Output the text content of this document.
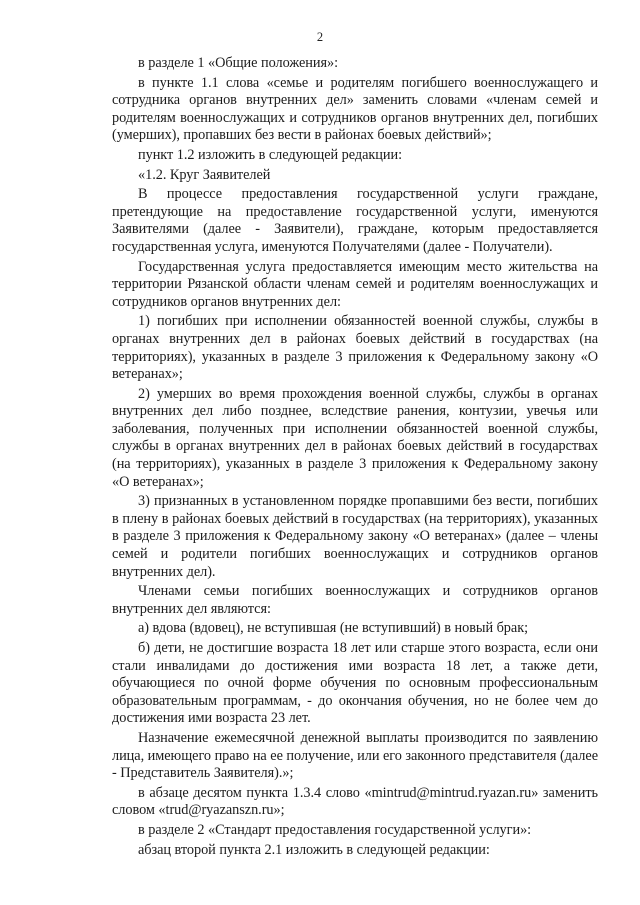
2

в разделе 1 «Общие положения»:

в пункте 1.1 слова «семье и родителям погибшего военнослужащего и сотрудника органов внутренних дел» заменить словами «членам семей и родителям военнослужащих и сотрудников органов внутренних дел, погибших (умерших), пропавших без вести в районах боевых действий»;

пункт 1.2 изложить в следующей редакции:

«1.2. Круг Заявителей

В процессе предоставления государственной услуги граждане, претендующие на предоставление государственной услуги, именуются Заявителями (далее - Заявители), граждане, которым предоставляется государственная услуга, именуются Получателями (далее - Получатели).

Государственная услуга предоставляется имеющим место жительства на территории Рязанской области членам семей и родителям военнослужащих и сотрудников органов внутренних дел:

1) погибших при исполнении обязанностей военной службы, службы в органах внутренних дел в районах боевых действий в государствах (на территориях), указанных в разделе 3 приложения к Федеральному закону «О ветеранах»;

2) умерших во время прохождения военной службы, службы в органах внутренних дел либо позднее, вследствие ранения, контузии, увечья или заболевания, полученных при исполнении обязанностей военной службы, службы в органах внутренних дел в районах боевых действий в государствах (на территориях), указанных в разделе 3 приложения к Федеральному закону «О ветеранах»;

3) признанных в установленном порядке пропавшими без вести, погибших в плену в районах боевых действий в государствах (на территориях), указанных в разделе 3 приложения к Федеральному закону «О ветеранах» (далее – члены семей и родители погибших военнослужащих и сотрудников органов внутренних дел).

Членами семьи погибших военнослужащих и сотрудников органов внутренних дел являются:

а) вдова (вдовец), не вступившая (не вступивший) в новый брак;

б) дети, не достигшие возраста 18 лет или старше этого возраста, если они стали инвалидами до достижения ими возраста 18 лет, а также дети, обучающиеся по очной форме обучения по основным профессиональным образовательным программам, - до окончания обучения, но не более чем до достижения ими возраста 23 лет.

Назначение ежемесячной денежной выплаты производится по заявлению лица, имеющего право на ее получение, или его законного представителя (далее - Представитель Заявителя).»;

в абзаце десятом пункта 1.3.4 слово «mintrud@mintrud.ryazan.ru» заменить словом «trud@ryazanszn.ru»;

в разделе 2 «Стандарт предоставления государственной услуги»:

абзац второй пункта 2.1 изложить в следующей редакции:
